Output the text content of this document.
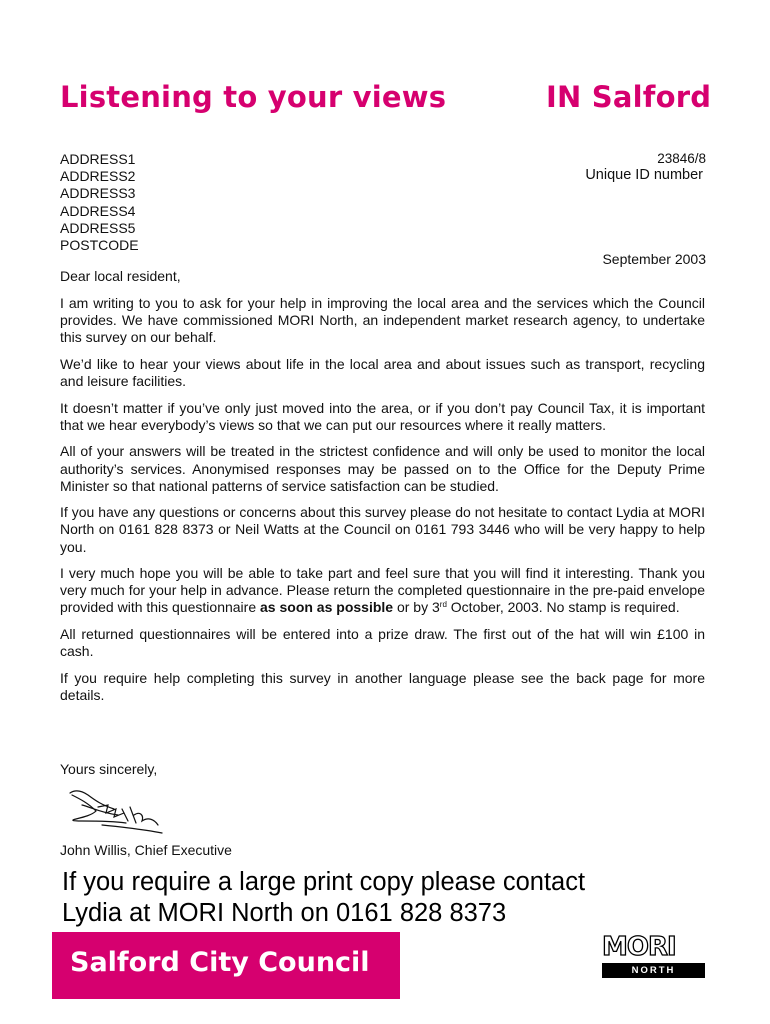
Listening to your views	IN Salford
ADDRESS1
ADDRESS2
ADDRESS3
ADDRESS4
ADDRESS5
POSTCODE
23846/8
Unique ID number
September 2003
Dear local resident,

I am writing to you to ask for your help in improving the local area and the services which the Council provides. We have commissioned MORI North, an independent market research agency, to undertake this survey on our behalf.

We’d like to hear your views about life in the local area and about issues such as transport, recycling and leisure facilities.

It doesn’t matter if you’ve only just moved into the area, or if you don’t pay Council Tax, it is important that we hear everybody’s views so that we can put our resources where it really matters.

All of your answers will be treated in the strictest confidence and will only be used to monitor the local authority’s services. Anonymised responses may be passed on to the Office for the Deputy Prime Minister so that national patterns of service satisfaction can be studied.

If you have any questions or concerns about this survey please do not hesitate to contact Lydia at MORI North on 0161 828 8373 or Neil Watts at the Council on 0161 793 3446 who will be very happy to help you.

I very much hope you will be able to take part and feel sure that you will find it interesting. Thank you very much for your help in advance. Please return the completed questionnaire in the pre-paid envelope provided with this questionnaire as soon as possible or by 3rd October, 2003. No stamp is required.

All returned questionnaires will be entered into a prize draw. The first out of the hat will win £100 in cash.

If you require help completing this survey in another language please see the back page for more details.

Yours sincerely,
John Willis, Chief Executive
If you require a large print copy please contact
Lydia at MORI North on 0161 828 8373
Salford City Council	MORI
NORTH
